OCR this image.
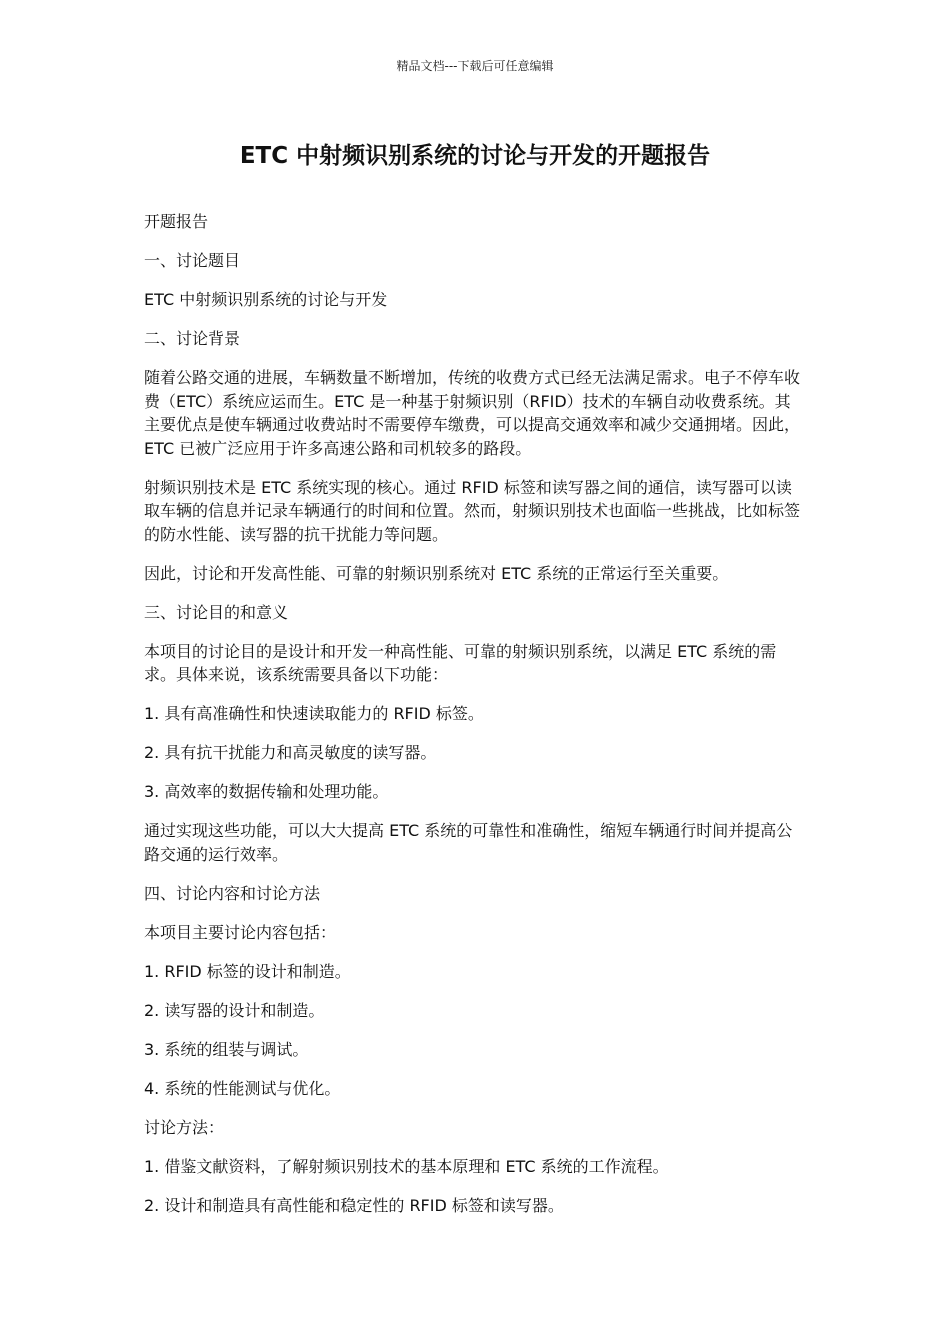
精品文档---下载后可任意编辑
ETC 中射频识别系统的讨论与开发的开题报告

开题报告

一、讨论题目

ETC 中射频识别系统的讨论与开发

二、讨论背景

随着公路交通的进展，车辆数量不断增加，传统的收费方式已经无法满足需求。电子不停车收费（ETC）系统应运而生。ETC 是一种基于射频识别（RFID）技术的车辆自动收费系统。其主要优点是使车辆通过收费站时不需要停车缴费，可以提高交通效率和减少交通拥堵。因此，ETC 已被广泛应用于许多高速公路和司机较多的路段。

射频识别技术是 ETC 系统实现的核心。通过 RFID 标签和读写器之间的通信，读写器可以读取车辆的信息并记录车辆通行的时间和位置。然而，射频识别技术也面临一些挑战，比如标签的防水性能、读写器的抗干扰能力等问题。

因此，讨论和开发高性能、可靠的射频识别系统对 ETC 系统的正常运行至关重要。

三、讨论目的和意义

本项目的讨论目的是设计和开发一种高性能、可靠的射频识别系统，以满足 ETC 系统的需求。具体来说，该系统需要具备以下功能：

1. 具有高准确性和快速读取能力的 RFID 标签。

2. 具有抗干扰能力和高灵敏度的读写器。

3. 高效率的数据传输和处理功能。

通过实现这些功能，可以大大提高 ETC 系统的可靠性和准确性，缩短车辆通行时间并提高公路交通的运行效率。

四、讨论内容和讨论方法

本项目主要讨论内容包括：

1. RFID 标签的设计和制造。

2. 读写器的设计和制造。

3. 系统的组装与调试。

4. 系统的性能测试与优化。

讨论方法：

1. 借鉴文献资料，了解射频识别技术的基本原理和 ETC 系统的工作流程。

2. 设计和制造具有高性能和稳定性的 RFID 标签和读写器。
